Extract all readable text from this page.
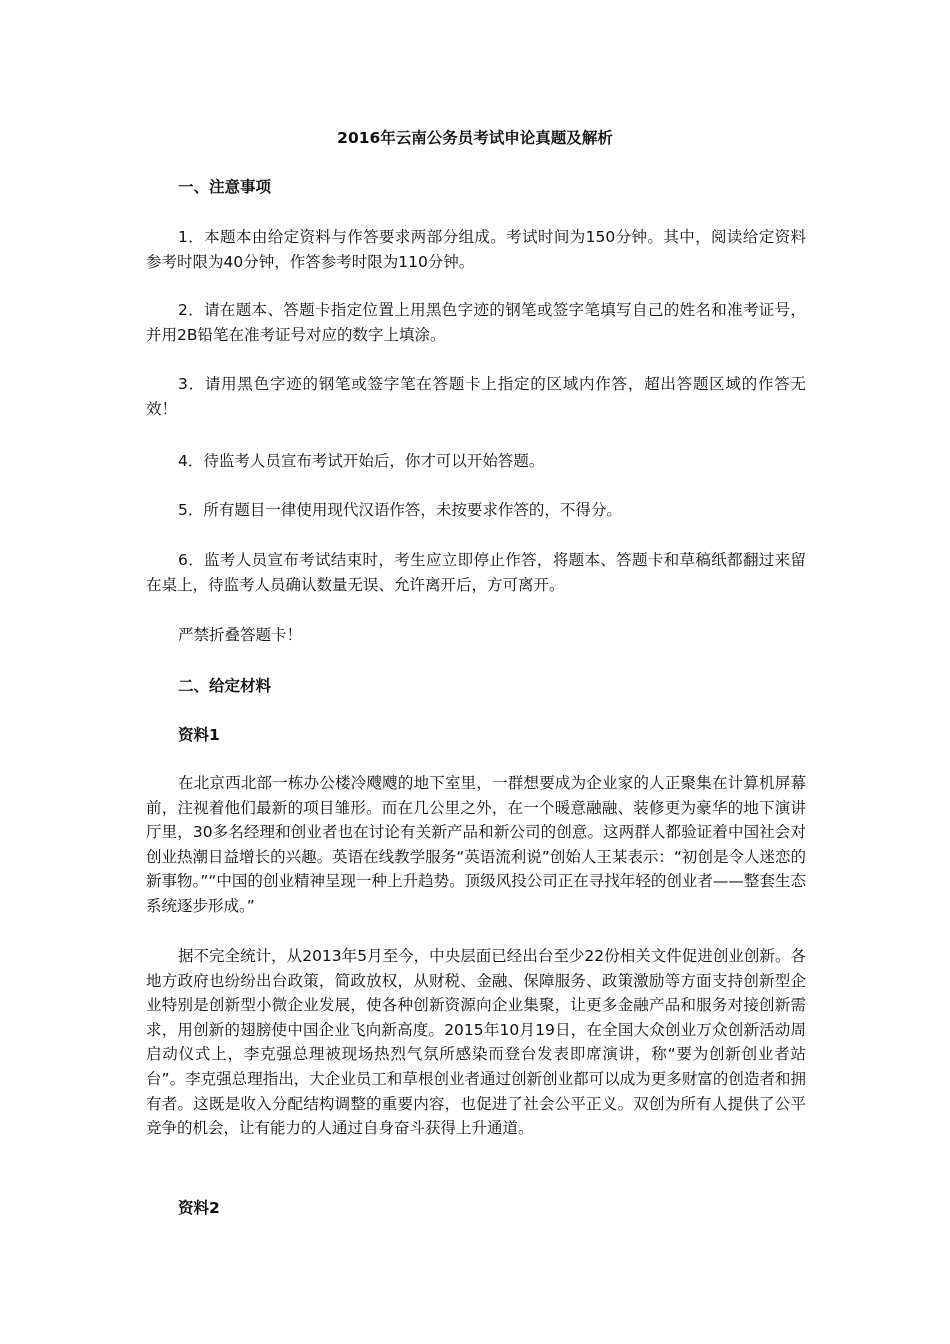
2016年云南公务员考试申论真题及解析
一、注意事项
1．本题本由给定资料与作答要求两部分组成。考试时间为150分钟。其中，阅读给定资料参考时限为40分钟，作答参考时限为110分钟。
2．请在题本、答题卡指定位置上用黑色字迹的钢笔或签字笔填写自己的姓名和准考证号，并用2B铅笔在准考证号对应的数字上填涂。
3．请用黑色字迹的钢笔或签字笔在答题卡上指定的区域内作答，超出答题区域的作答无效！
4．待监考人员宣布考试开始后，你才可以开始答题。
5．所有题目一律使用现代汉语作答，未按要求作答的，不得分。
6．监考人员宣布考试结束时，考生应立即停止作答，将题本、答题卡和草稿纸都翻过来留在桌上，待监考人员确认数量无误、允许离开后，方可离开。
严禁折叠答题卡！
二、给定材料
资料1
在北京西北部一栋办公楼冷飕飕的地下室里，一群想要成为企业家的人正聚集在计算机屏幕前，注视着他们最新的项目雏形。而在几公里之外，在一个暖意融融、装修更为豪华的地下演讲厅里，30多名经理和创业者也在讨论有关新产品和新公司的创意。这两群人都验证着中国社会对创业热潮日益增长的兴趣。英语在线教学服务“英语流利说”创始人王某表示：“初创是令人迷恋的新事物。”“中国的创业精神呈现一种上升趋势。顶级风投公司正在寻找年轻的创业者——整套生态系统逐步形成。”
据不完全统计，从2013年5月至今，中央层面已经出台至少22份相关文件促进创业创新。各地方政府也纷纷出台政策，简政放权，从财税、金融、保障服务、政策激励等方面支持创新型企业特别是创新型小微企业发展，使各种创新资源向企业集聚，让更多金融产品和服务对接创新需求，用创新的翅膀使中国企业飞向新高度。2015年10月19日，在全国大众创业万众创新活动周启动仪式上，李克强总理被现场热烈气氛所感染而登台发表即席演讲，称“要为创新创业者站台”。李克强总理指出，大企业员工和草根创业者通过创新创业都可以成为更多财富的创造者和拥有者。这既是收入分配结构调整的重要内容，也促进了社会公平正义。双创为所有人提供了公平竞争的机会，让有能力的人通过自身奋斗获得上升通道。
资料2
